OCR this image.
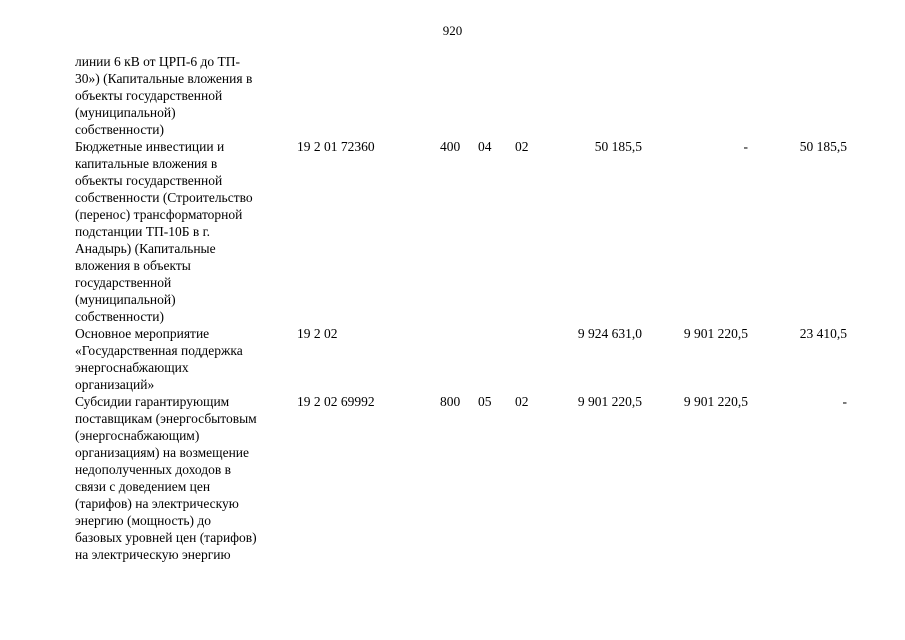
920
линии 6 кВ от ЦРП-6 до ТП-
30») (Капитальные вложения в
объекты государственной
(муниципальной)
собственности)
Бюджетные инвестиции и
капитальные вложения в
объекты государственной
собственности (Строительство
(перенос) трансформаторной
подстанции ТП-10Б в г.
Анадырь) (Капитальные
вложения в объекты
государственной
(муниципальной)
собственности)
19 2 01 72360	400 04 02	50 185,5	-	50 185,5
Основное мероприятие
«Государственная поддержка
энергоснабжающих
организаций»
19 2 02	9 924 631,0	9 901 220,5	23 410,5
Субсидии гарантирующим
поставщикам (энергосбытовым
(энергоснабжающим)
организациям) на возмещение
недополученных доходов в
связи с доведением цен
(тарифов) на электрическую
энергию (мощность) до
базовых уровней цен (тарифов)
на электрическую энергию
19 2 02 69992	800 05 02	9 901 220,5	9 901 220,5	-
